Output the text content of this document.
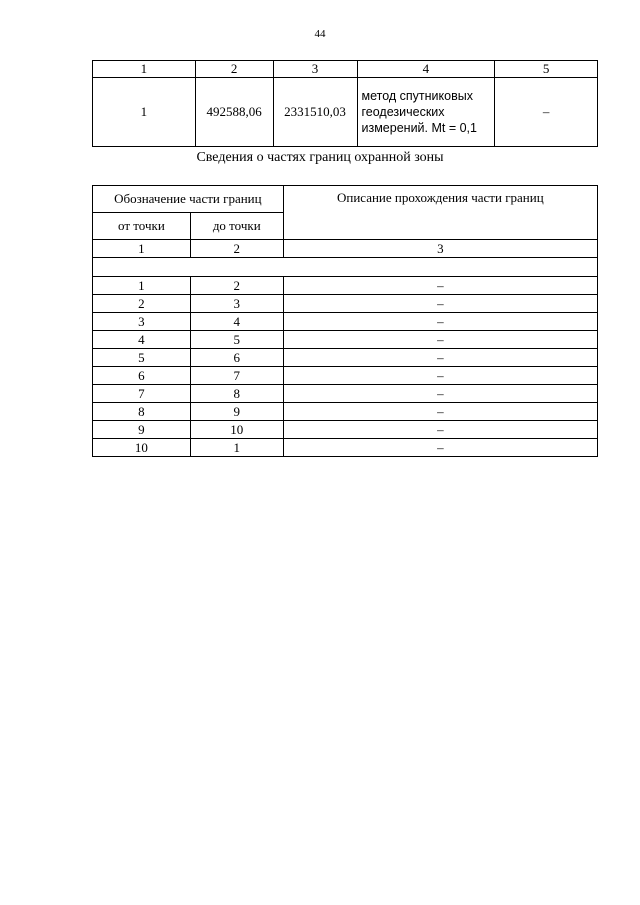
44
1	2	3	4	5
1	492588,06	2331510,03	метод спутниковых
геодезических
измерений. Mt = 0,1	–
Сведения о частях границ охранной зоны
Обозначение части границ		Описание прохождения части границ
от точки	до точки	
1	2	3

1	2	–
2	3	–
3	4	–
4	5	–
5	6	–
6	7	–
7	8	–
8	9	–
9	10	–
10	1	–
